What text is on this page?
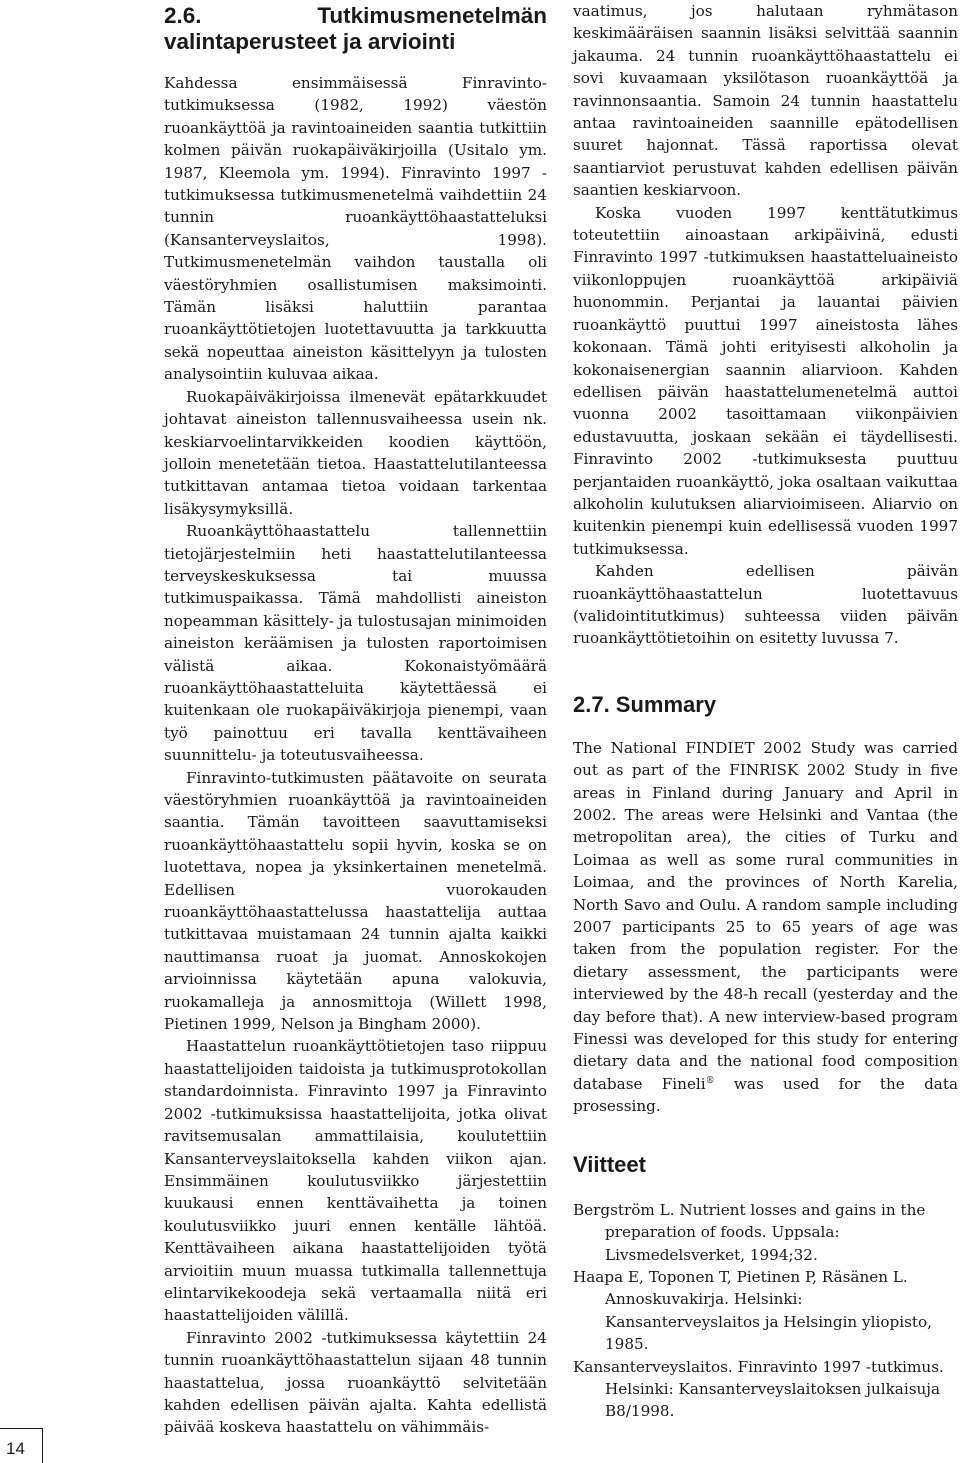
2.6. Tutkimusmenetelmän valintaperusteet ja arviointi

Kahdessa ensimmäisessä Finravinto-tutkimuksessa (1982, 1992) väestön ruoankäyttöä ja ravintoaineiden saantia tutkittiin kolmen päivän ruokapäiväkirjoilla (Usitalo ym. 1987, Kleemola ym. 1994). Finravinto 1997 -tutkimuksessa tutkimusmenetelmä vaihdettiin 24 tunnin ruoankäyttöhaastatteluksi (Kansanterveyslaitos, 1998). Tutkimusmenetelmän vaihdon taustalla oli väestöryhmien osallistumisen maksimointi. Tämän lisäksi haluttiin parantaa ruoankäyttötietojen luotettavuutta ja tarkkuutta sekä nopeuttaa aineiston käsittelyyn ja tulosten analysointiin kuluvaa aikaa.

Ruokapäiväkirjoissa ilmenevät epätarkkuudet johtavat aineiston tallennusvaiheessa usein nk. keskiarvoelintarvikkeiden koodien käyttöön, jolloin menetetään tietoa. Haastattelutilanteessa tutkittavan antamaa tietoa voidaan tarkentaa lisäkysymyksillä.

Ruoankäyttöhaastattelu tallennettiin tietojärjestelmiin heti haastattelutilanteessa terveyskeskuksessa tai muussa tutkimuspaikassa. Tämä mahdollisti aineiston nopeamman käsittely- ja tulostusajan minimoiden aineiston keräämisen ja tulosten raportoimisen välistä aikaa. Kokonaistyömäärä ruoankäyttöhaastatteluita käytettäessä ei kuitenkaan ole ruokapäiväkirjoja pienempi, vaan työ painottuu eri tavalla kenttävaiheen suunnittelu- ja toteutusvaiheessa.

Finravinto-tutkimusten päätavoite on seurata väestöryhmien ruoankäyttöä ja ravintoaineiden saantia. Tämän tavoitteen saavuttamiseksi ruoankäyttöhaastattelu sopii hyvin, koska se on luotettava, nopea ja yksinkertainen menetelmä. Edellisen vuorokauden ruoankäyttöhaastattelussa haastattelija auttaa tutkittavaa muistamaan 24 tunnin ajalta kaikki nauttimansa ruoat ja juomat. Annoskokojen arvioinnissa käytetään apuna valokuvia, ruokamalleja ja annosmittoja (Willett 1998, Pietinen 1999, Nelson ja Bingham 2000).

Haastattelun ruoankäyttötietojen taso riippuu haastattelijoiden taidoista ja tutkimusprotokollan standardoinnista. Finravinto 1997 ja Finravinto 2002 -tutkimuksissa haastattelijoita, jotka olivat ravitsemusalan ammattilaisia, koulutettiin Kansanterveyslaitoksella kahden viikon ajan. Ensimmäinen koulutusviikko järjestettiin kuukausi ennen kenttävaihetta ja toinen koulutusviikko juuri ennen kentälle lähtöä. Kenttävaiheen aikana haastattelijoiden työtä arvioitiin muun muassa tutkimalla tallennettuja elintarvikekoodeja sekä vertaamalla niitä eri haastattelijoiden välillä.

Finravinto 2002 -tutkimuksessa käytettiin 24 tunnin ruoankäyttöhaastattelun sijaan 48 tunnin haastattelua, jossa ruoankäyttö selvitetään kahden edellisen päivän ajalta. Kahta edellistä päivää koskeva haastattelu on vähimmäis-

vaatimus, jos halutaan ryhmätason keskimääräisen saannin lisäksi selvittää saannin jakauma. 24 tunnin ruoankäyttöhaastattelu ei sovi kuvaamaan yksilötason ruoankäyttöä ja ravinnonsaantia. Samoin 24 tunnin haastattelu antaa ravintoaineiden saannille epätodellisen suuret hajonnat. Tässä raportissa olevat saantiarviot perustuvat kahden edellisen päivän saantien keskiarvoon.

Koska vuoden 1997 kenttätutkimus toteutettiin ainoastaan arkipäivinä, edusti Finravinto 1997 -tutkimuksen haastatteluaineisto viikonloppujen ruoankäyttöä arkipäiviä huonommin. Perjantai ja lauantai päivien ruoankäyttö puuttui 1997 aineistosta lähes kokonaan. Tämä johti erityisesti alkoholin ja kokonaisenergian saannin aliarvioon. Kahden edellisen päivän haastattelumenetelmä auttoi vuonna 2002 tasoittamaan viikonpäivien edustavuutta, joskaan sekään ei täydellisesti. Finravinto 2002 -tutkimuksesta puuttuu perjantaiden ruoankäyttö, joka osaltaan vaikuttaa alkoholin kulutuksen aliarvioimiseen. Aliarvio on kuitenkin pienempi kuin edellisessä vuoden 1997 tutkimuksessa.

Kahden edellisen päivän ruoankäyttöhaastattelun luotettavuus (validointitutkimus) suhteessa viiden päivän ruoankäyttötietoihin on esitetty luvussa 7.

2.7. Summary

The National FINDIET 2002 Study was carried out as part of the FINRISK 2002 Study in five areas in Finland during January and April in 2002. The areas were Helsinki and Vantaa (the metropolitan area), the cities of Turku and Loimaa as well as some rural communities in Loimaa, and the provinces of North Karelia, North Savo and Oulu. A random sample including 2007 participants 25 to 65 years of age was taken from the population register. For the dietary assessment, the participants were interviewed by the 48-h recall (yesterday and the day before that). A new interview-based program Finessi was developed for this study for entering dietary data and the national food composition database Fineli® was used for the data prosessing.

Viitteet

Bergström L. Nutrient losses and gains in the preparation of foods. Uppsala: Livsmedelsverket, 1994;32.

Haapa E, Toponen T, Pietinen P, Räsänen L. Annoskuvakirja. Helsinki: Kansanterveyslaitos ja Helsingin yliopisto, 1985.

Kansanterveyslaitos. Finravinto 1997 -tutkimus. Helsinki: Kansanterveyslaitoksen julkaisuja B8/1998.

14
